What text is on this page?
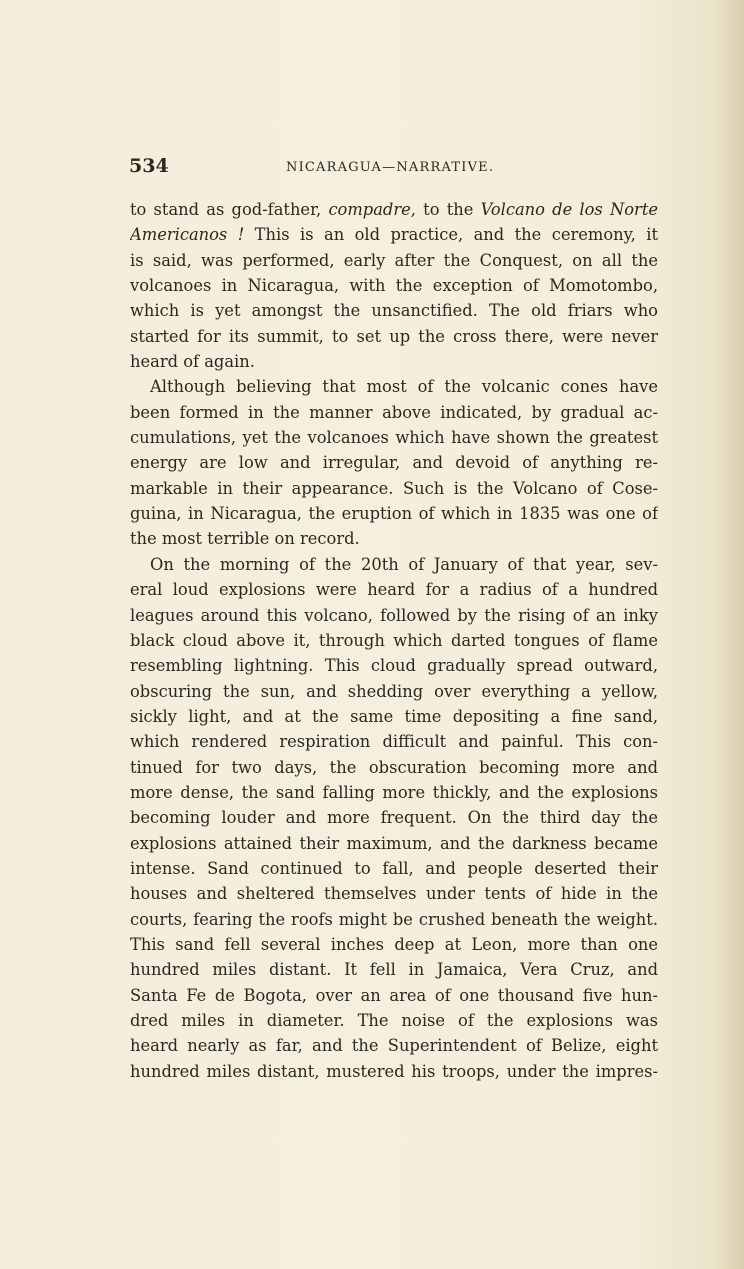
534	NICARAGUA—NARRATIVE.
to stand as god-father, compadre, to the Volcano de los Norte
Americanos ! This is an old practice, and the ceremony, it
is said, was performed, early after the Conquest, on all the
volcanoes in Nicaragua, with the exception of Momotombo,
which is yet amongst the unsanctified. The old friars who
started for its summit, to set up the cross there, were never
heard of again.
Although believing that most of the volcanic cones have
been formed in the manner above indicated, by gradual ac-
cumulations, yet the volcanoes which have shown the greatest
energy are low and irregular, and devoid of anything re-
markable in their appearance. Such is the Volcano of Cose-
guina, in Nicaragua, the eruption of which in 1835 was one of
the most terrible on record.
On the morning of the 20th of January of that year, sev-
eral loud explosions were heard for a radius of a hundred
leagues around this volcano, followed by the rising of an inky
black cloud above it, through which darted tongues of flame
resembling lightning. This cloud gradually spread outward,
obscuring the sun, and shedding over everything a yellow,
sickly light, and at the same time depositing a fine sand,
which rendered respiration difficult and painful. This con-
tinued for two days, the obscuration becoming more and
more dense, the sand falling more thickly, and the explosions
becoming louder and more frequent. On the third day the
explosions attained their maximum, and the darkness became
intense. Sand continued to fall, and people deserted their
houses and sheltered themselves under tents of hide in the
courts, fearing the roofs might be crushed beneath the weight.
This sand fell several inches deep at Leon, more than one
hundred miles distant. It fell in Jamaica, Vera Cruz, and
Santa Fe de Bogota, over an area of one thousand five hun-
dred miles in diameter. The noise of the explosions was
heard nearly as far, and the Superintendent of Belize, eight
hundred miles distant, mustered his troops, under the impres-
